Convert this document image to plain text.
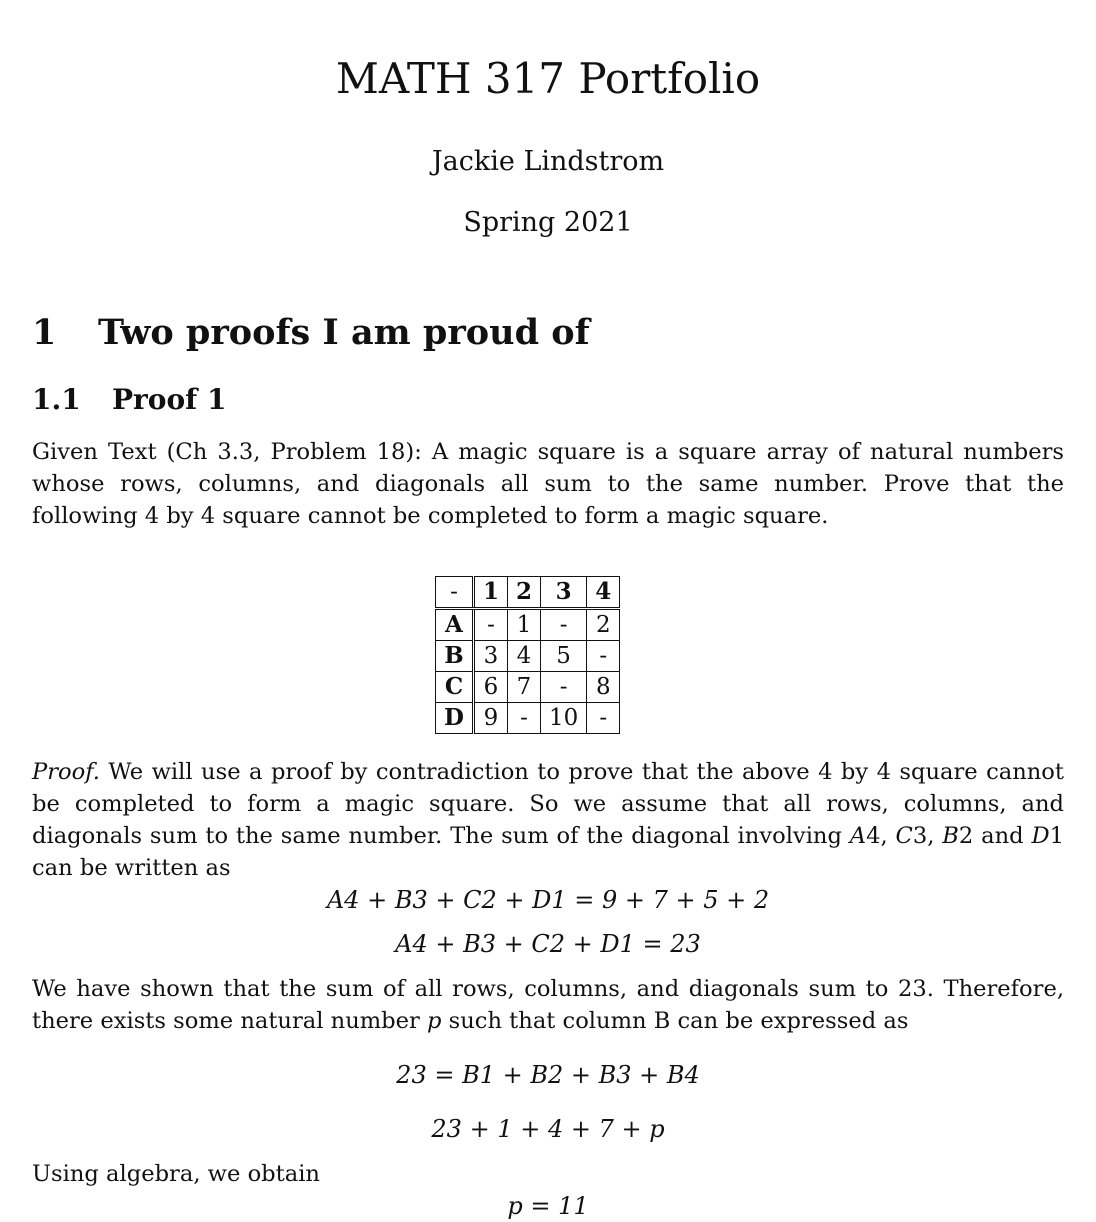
MATH 317 Portfolio
Jackie Lindstrom
Spring 2021
1 Two proofs I am proud of
1.1 Proof 1
Given Text (Ch 3.3, Problem 18): A magic square is a square array of natural numbers whose rows, columns, and diagonals all sum to the same number. Prove that the following 4 by 4 square cannot be completed to form a magic square.
-	1	2	3	4
A	-	1	-	2
B	3	4	5	-
C	6	7	-	8
D	9	-	10	-
Proof. We will use a proof by contradiction to prove that the above 4 by 4 square cannot be completed to form a magic square. So we assume that all rows, columns, and diagonals sum to the same number. The sum of the diagonal involving A4, C3, B2 and D1 can be written as
A4 + B3 + C2 + D1 = 9 + 7 + 5 + 2
A4 + B3 + C2 + D1 = 23
We have shown that the sum of all rows, columns, and diagonals sum to 23. Therefore, there exists some natural number p such that column B can be expressed as
23 = B1 + B2 + B3 + B4
23 + 1 + 4 + 7 + p
Using algebra, we obtain
p = 11
